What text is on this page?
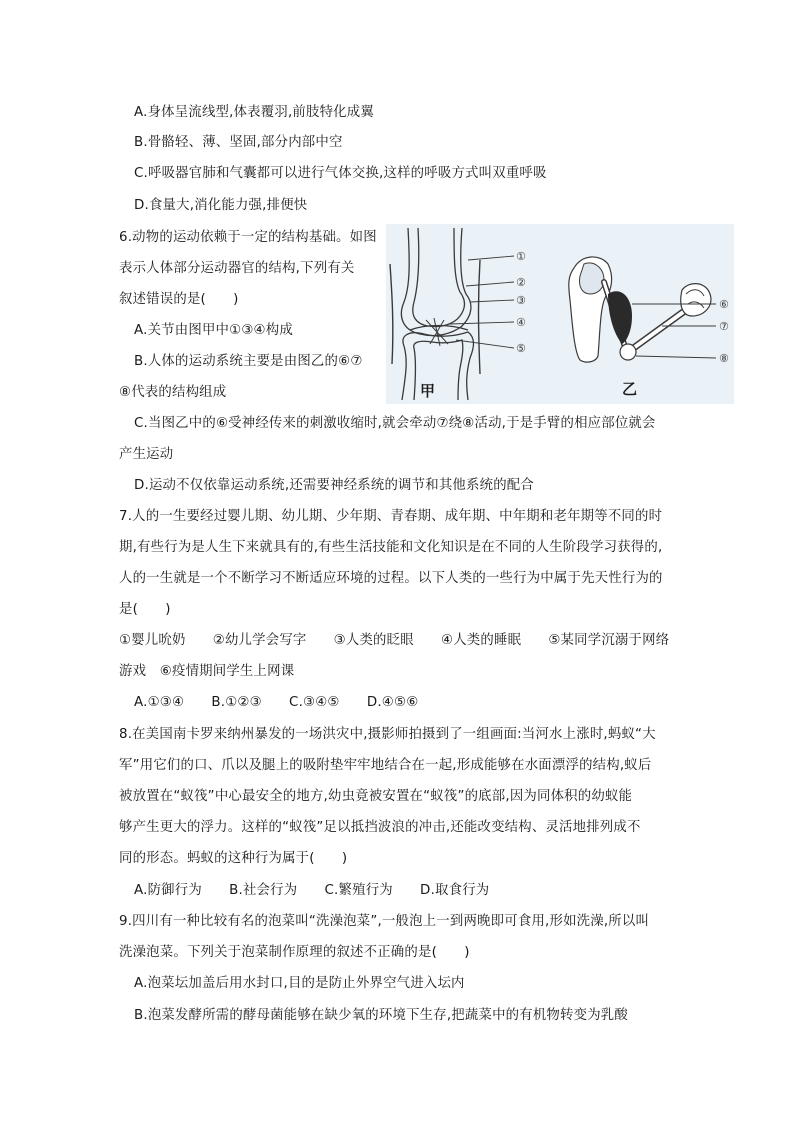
A.身体呈流线型,体表覆羽,前肢特化成翼
B.骨骼轻、薄、坚固,部分内部中空
C.呼吸器官肺和气囊都可以进行气体交换,这样的呼吸方式叫双重呼吸
D.食量大,消化能力强,排便快
6.动物的运动依赖于一定的结构基础。如图
表示人体部分运动器官的结构,下列有关
叙述错误的是(　　)
A.关节由图甲中①③④构成
B.人体的运动系统主要是由图乙的⑥⑦
⑧代表的结构组成
①
②
③
④
⑤
甲
⑥
⑦
⑧
乙
C.当图乙中的⑥受神经传来的刺激收缩时,就会牵动⑦绕⑧活动,于是手臂的相应部位就会
产生运动
D.运动不仅依靠运动系统,还需要神经系统的调节和其他系统的配合
7.人的一生要经过婴儿期、幼儿期、少年期、青春期、成年期、中年期和老年期等不同的时
期,有些行为是人生下来就具有的,有些生活技能和文化知识是在不同的人生阶段学习获得的,
人的一生就是一个不断学习不断适应环境的过程。以下人类的一些行为中属于先天性行为的
是(　　)
①婴儿吮奶　　②幼儿学会写字　　③人类的眨眼　　④人类的睡眠　　⑤某同学沉溺于网络
游戏　⑥疫情期间学生上网课
A.①③④　　B.①②③　　C.③④⑤　　D.④⑤⑥
8.在美国南卡罗来纳州暴发的一场洪灾中,摄影师拍摄到了一组画面:当河水上涨时,蚂蚁“大
军”用它们的口、爪以及腿上的吸附垫牢牢地结合在一起,形成能够在水面漂浮的结构,蚁后
被放置在“蚁筏”中心最安全的地方,幼虫竟被安置在“蚁筏”的底部,因为同体积的幼蚁能
够产生更大的浮力。这样的“蚁筏”足以抵挡波浪的冲击,还能改变结构、灵活地排列成不
同的形态。蚂蚁的这种行为属于(　　)
A.防御行为　　B.社会行为　　C.繁殖行为　　D.取食行为
9.四川有一种比较有名的泡菜叫“洗澡泡菜”,一般泡上一到两晚即可食用,形如洗澡,所以叫
洗澡泡菜。下列关于泡菜制作原理的叙述不正确的是(　　)
A.泡菜坛加盖后用水封口,目的是防止外界空气进入坛内
B.泡菜发酵所需的酵母菌能够在缺少氧的环境下生存,把蔬菜中的有机物转变为乳酸
